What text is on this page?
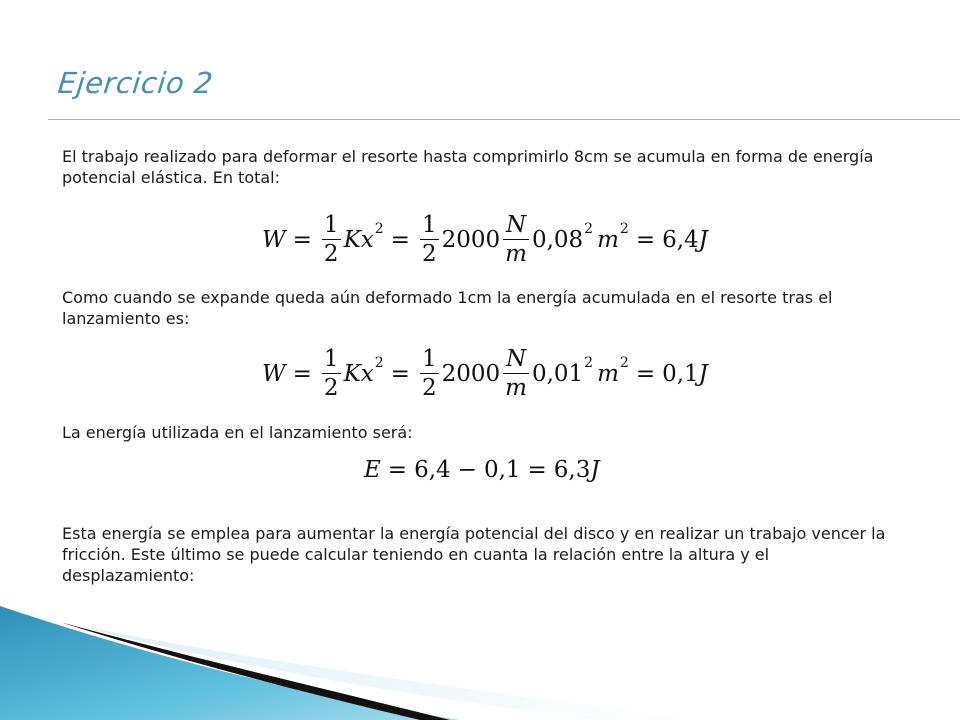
Ejercicio 2
El trabajo realizado para deformar el resorte hasta comprimirlo 8cm se acumula en forma de energía potencial elástica. En total:
$W = \frac{1}{2}$ K x $2 = \frac{1}{2} 2000 \frac{N}{m} 0,08$ 2 m 2 = 6,4 J
Como cuando se expande queda aún deformado 1cm la energía acumulada en el resorte tras el lanzamiento es:
$W = \frac{1}{2}$ K x $2 = \frac{1}{2} 2000 \frac{N}{m} 0,01$ 2 m 2 = 0,1 J
La energía utilizada en el lanzamiento será:
E = 6,4 − 0,1 = 6,3 J
Esta energía se emplea para aumentar la energía potencial del disco y en realizar un trabajo vencer la fricción. Este último se puede calcular teniendo en cuanta la relación entre la altura y el desplazamiento:
